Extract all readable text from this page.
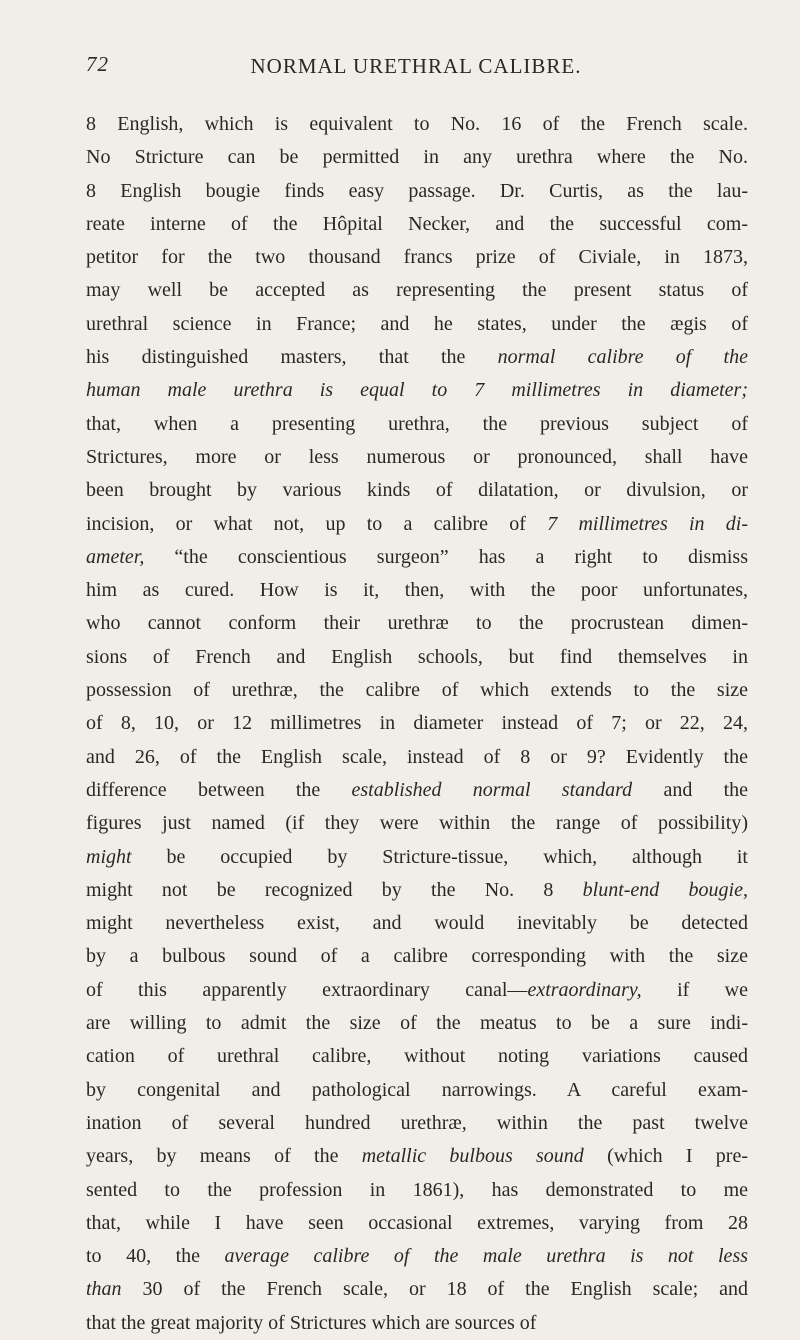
72	NORMAL URETHRAL CALIBRE.
8 English, which is equivalent to No. 16 of the French scale.
No Stricture can be permitted in any urethra where the No.
8 English bougie finds easy passage. Dr. Curtis, as the lau-
reate interne of the Hôpital Necker, and the successful com-
petitor for the two thousand francs prize of Civiale, in 1873,
may well be accepted as representing the present status of
urethral science in France; and he states, under the ægis of
his distinguished masters, that the normal calibre of the
human male urethra is equal to 7 millimetres in diameter;
that, when a presenting urethra, the previous subject of
Strictures, more or less numerous or pronounced, shall have
been brought by various kinds of dilatation, or divulsion, or
incision, or what not, up to a calibre of 7 millimetres in di-
ameter, “the conscientious surgeon” has a right to dismiss
him as cured. How is it, then, with the poor unfortunates,
who cannot conform their urethræ to the procrustean dimen-
sions of French and English schools, but find themselves in
possession of urethræ, the calibre of which extends to the size
of 8, 10, or 12 millimetres in diameter instead of 7; or 22, 24,
and 26, of the English scale, instead of 8 or 9? Evidently the
difference between the established normal standard and the
figures just named (if they were within the range of possibility)
might be occupied by Stricture-tissue, which, although it
might not be recognized by the No. 8 blunt-end bougie,
might nevertheless exist, and would inevitably be detected
by a bulbous sound of a calibre corresponding with the size
of this apparently extraordinary canal—extraordinary, if we
are willing to admit the size of the meatus to be a sure indi-
cation of urethral calibre, without noting variations caused
by congenital and pathological narrowings. A careful exam-
ination of several hundred urethræ, within the past twelve
years, by means of the metallic bulbous sound (which I pre-
sented to the profession in 1861), has demonstrated to me
that, while I have seen occasional extremes, varying from 28
to 40, the average calibre of the male urethra is not less
than 30 of the French scale, or 18 of the English scale; and
that the great majority of Strictures which are sources of
